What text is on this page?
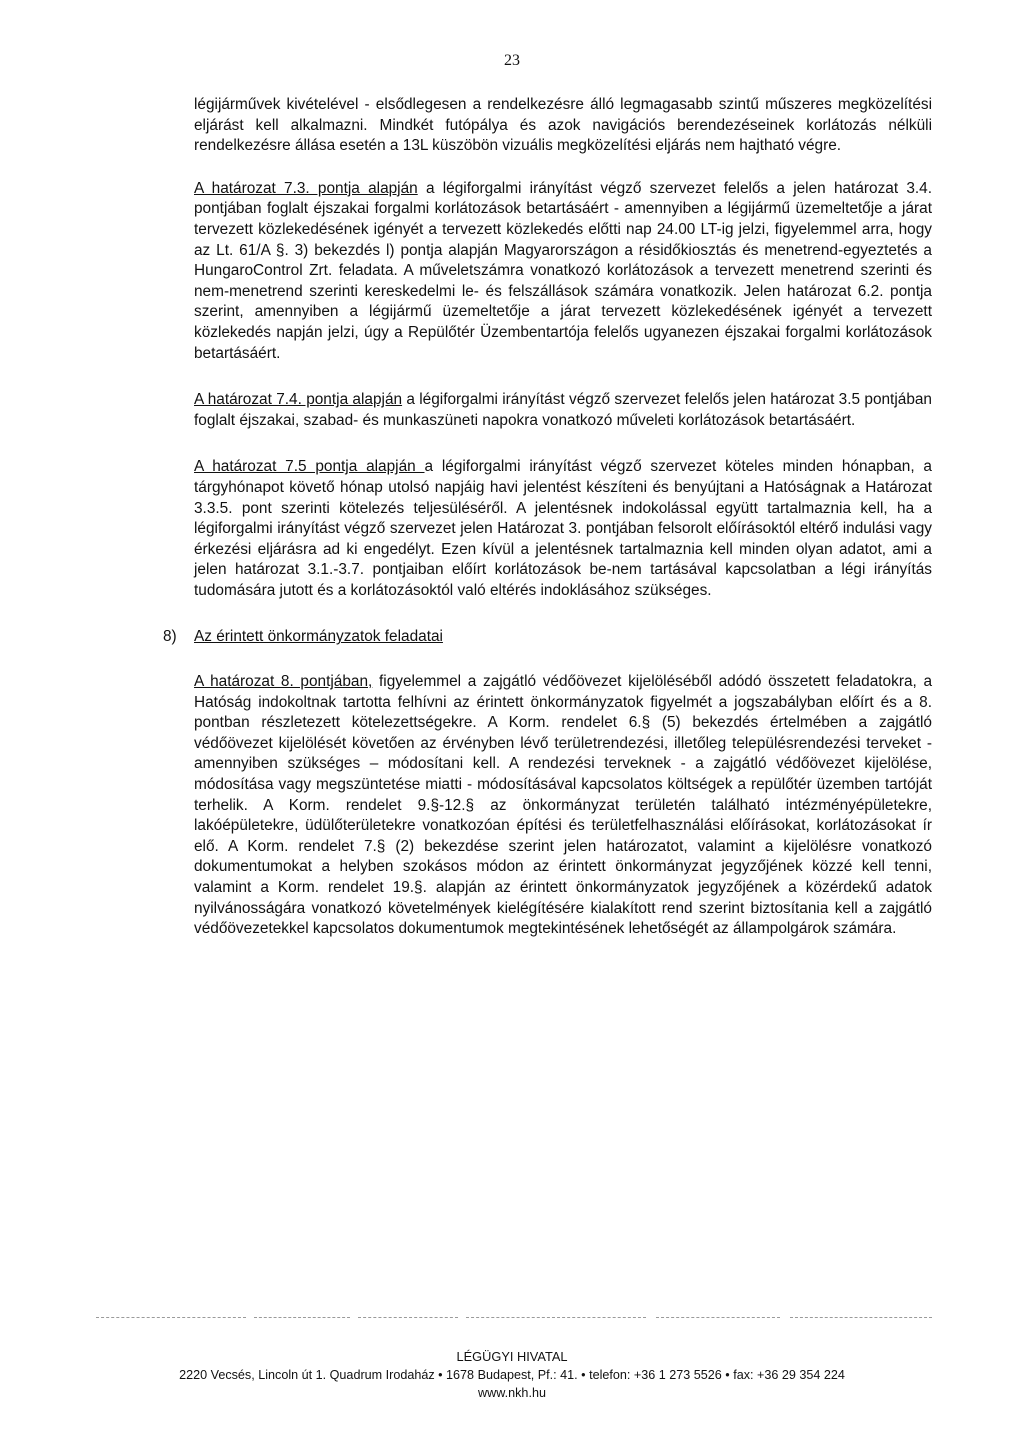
23

légijárművek kivételével - elsődlegesen a rendelkezésre álló legmagasabb szintű műszeres megközelítési eljárást kell alkalmazni. Mindkét futópálya és azok navigációs berendezéseinek korlátozás nélküli rendelkezésre állása esetén a 13L küszöbön vizuális megközelítési eljárás nem hajtható végre.

A határozat 7.3. pontja alapján a légiforgalmi irányítást végző szervezet felelős a jelen határozat 3.4. pontjában foglalt éjszakai forgalmi korlátozások betartásáért - amennyiben a légijármű üzemeltetője a járat tervezett közlekedésének igényét a tervezett közlekedés előtti nap 24.00 LT-ig jelzi, figyelemmel arra, hogy az Lt. 61/A §. 3) bekezdés l) pontja alapján Magyarországon a résidőkiosztás és menetrend-egyeztetés a HungaroControl Zrt. feladata. A műveletszámra vonatkozó korlátozások a tervezett menetrend szerinti és nem-menetrend szerinti kereskedelmi le- és felszállások számára vonatkozik. Jelen határozat 6.2. pontja szerint, amennyiben a légijármű üzemeltetője a járat tervezett közlekedésének igényét a tervezett közlekedés napján jelzi, úgy a Repülőtér Üzembentartója felelős ugyanezen éjszakai forgalmi korlátozások betartásáért.

A határozat 7.4. pontja alapján a légiforgalmi irányítást végző szervezet felelős jelen határozat 3.5 pontjában foglalt éjszakai, szabad- és munkaszüneti napokra vonatkozó műveleti korlátozások betartásáért.

A határozat 7.5 pontja alapján a légiforgalmi irányítást végző szervezet köteles minden hónapban, a tárgyhónapot követő hónap utolsó napjáig havi jelentést készíteni és benyújtani a Hatóságnak a Határozat 3.3.5. pont szerinti kötelezés teljesüléséről. A jelentésnek indokolással együtt tartalmaznia kell, ha a légiforgalmi irányítást végző szervezet jelen Határozat 3. pontjában felsorolt előírásoktól eltérő indulási vagy érkezési eljárásra ad ki engedélyt. Ezen kívül a jelentésnek tartalmaznia kell minden olyan adatot, ami a jelen határozat 3.1.-3.7. pontjaiban előírt korlátozások be-nem tartásával kapcsolatban a légi irányítás tudomására jutott és a korlátozásoktól való eltérés indoklásához szükséges.

8) Az érintett önkormányzatok feladatai

A határozat 8. pontjában, figyelemmel a zajgátló védőövezet kijelöléséből adódó összetett feladatokra, a Hatóság indokoltnak tartotta felhívni az érintett önkormányzatok figyelmét a jogszabályban előírt és a 8. pontban részletezett kötelezettségekre. A Korm. rendelet 6.§ (5) bekezdés értelmében a zajgátló védőövezet kijelölését követően az érvényben lévő területrendezési, illetőleg településrendezési terveket - amennyiben szükséges – módosítani kell. A rendezési terveknek - a zajgátló védőövezet kijelölése, módosítása vagy megszüntetése miatti - módosításával kapcsolatos költségek a repülőtér üzemben tartóját terhelik. A Korm. rendelet 9.§-12.§ az önkormányzat területén található intézményépületekre, lakóépületekre, üdülőterületekre vonatkozóan építési és területfelhasználási előírásokat, korlátozásokat ír elő. A Korm. rendelet 7.§ (2) bekezdése szerint jelen határozatot, valamint a kijelölésre vonatkozó dokumentumokat a helyben szokásos módon az érintett önkormányzat jegyzőjének közzé kell tenni, valamint a Korm. rendelet 19.§. alapján az érintett önkormányzatok jegyzőjének a közérdekű adatok nyilvánosságára vonatkozó követelmények kielégítésére kialakított rend szerint biztosítania kell a zajgátló védőövezetekkel kapcsolatos dokumentumok megtekintésének lehetőségét az állampolgárok számára.

LÉGÜGYI HIVATAL
2220 Vecsés, Lincoln út 1. Quadrum Irodaház • 1678 Budapest, Pf.: 41. • telefon: +36 1 273 5526 • fax: +36 29 354 224
www.nkh.hu
